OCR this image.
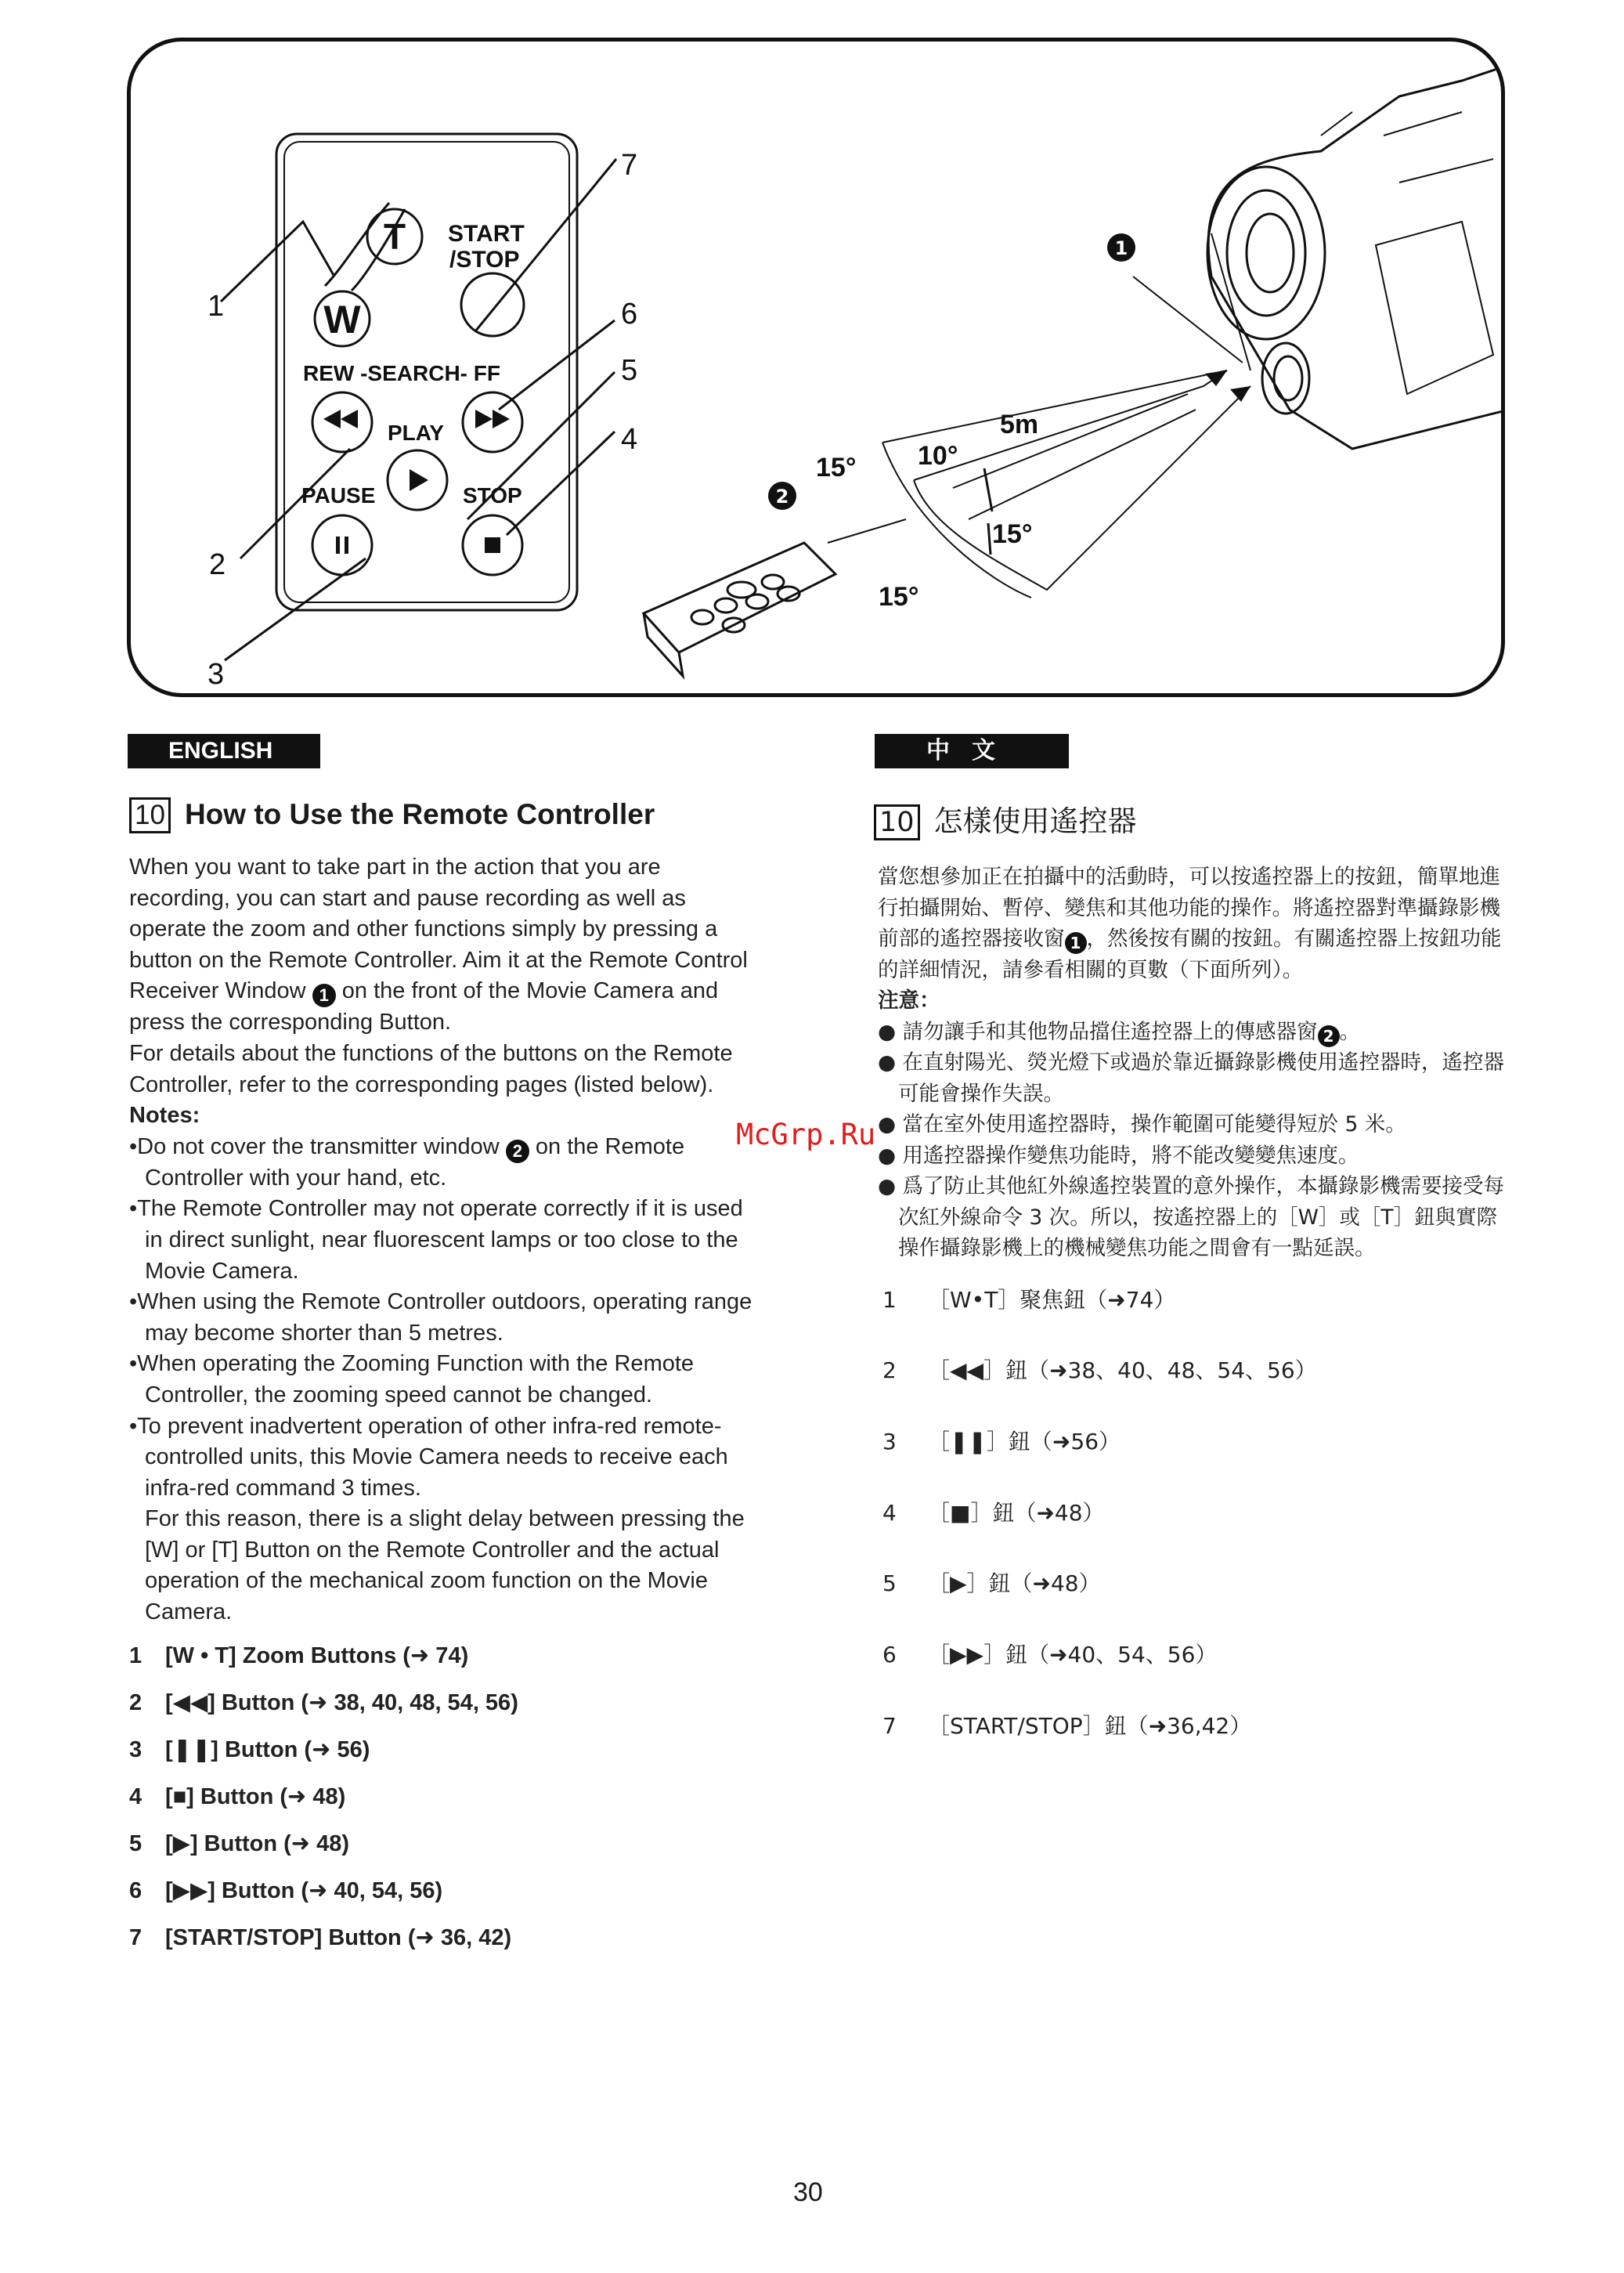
1
2
T
W
START
/STOP
REW -SEARCH- FF
PLAY
PAUSE	STOP
1
2
3
4
5
6
7
5m
15° 10°
15°
15°
ENGLISH	中文
10 How to Use the Remote Controller

When you want to take part in the action that you are recording, you can start and pause recording as well as operate the zoom and other functions simply by pressing a button on the Remote Controller. Aim it at the Remote Control Receiver Window 1 on the front of the Movie Camera and press the corresponding Button.

For details about the functions of the buttons on the Remote Controller, refer to the corresponding pages (listed below).

Notes:

•Do not cover the transmitter window 2 on the Remote Controller with your hand, etc.

•The Remote Controller may not operate correctly if it is used in direct sunlight, near fluorescent lamps or too close to the Movie Camera.

•When using the Remote Controller outdoors, operating range may become shorter than 5 metres.

•When operating the Zooming Function with the Remote Controller, the zooming speed cannot be changed.

•To prevent inadvertent operation of other infra-red remote-controlled units, this Movie Camera needs to receive each infra-red command 3 times.

For this reason, there is a slight delay between pressing the [W] or [T] Button on the Remote Controller and the actual operation of the mechanical zoom function on the Movie Camera.

1 [W • T] Zoom Buttons (➜ 74)
2 [◀◀] Button (➜ 38, 40, 48, 54, 56)
3 [❚❚] Button (➜ 56)
4 [■] Button (➜ 48)
5 [▶] Button (➜ 48)
6 [▶▶] Button (➜ 40, 54, 56)
7 [START/STOP] Button (➜ 36, 42)
10 怎樣使用遙控器

當您想參加正在拍攝中的活動時，可以按遙控器上的按鈕，簡單地進行拍攝開始、暫停、變焦和其他功能的操作。將遙控器對準攝錄影機前部的遙控器接收窗 1 ，然後按有關的按鈕。有關遙控器上按鈕功能的詳細情況，請參看相關的頁數（下面所列）。

注意：

● 請勿讓手和其他物品擋住遙控器上的傳感器窗 2 。

● 在直射陽光、熒光燈下或過於靠近攝錄影機使用遙控器時，遙控器可能會操作失誤。

● 當在室外使用遙控器時，操作範圍可能變得短於 5 米。

● 用遙控器操作變焦功能時，將不能改變變焦速度。

● 爲了防止其他紅外線遙控裝置的意外操作，本攝錄影機需要接受每次紅外線命令 3 次。所以，按遙控器上的［W］或［T］鈕與實際操作攝錄影機上的機械變焦功能之間會有一點延誤。

1 ［W•T］聚焦鈕（➜74）
2 ［◀◀］鈕（➜38、40、48、54、56）
3 ［❚❚］鈕（➜56）
4 ［■］鈕（➜48）
5 ［▶］鈕（➜48）
6 ［▶▶］鈕（➜40、54、56）
7 ［START/STOP］鈕（➜36,42）
McGrp.Ru
30
